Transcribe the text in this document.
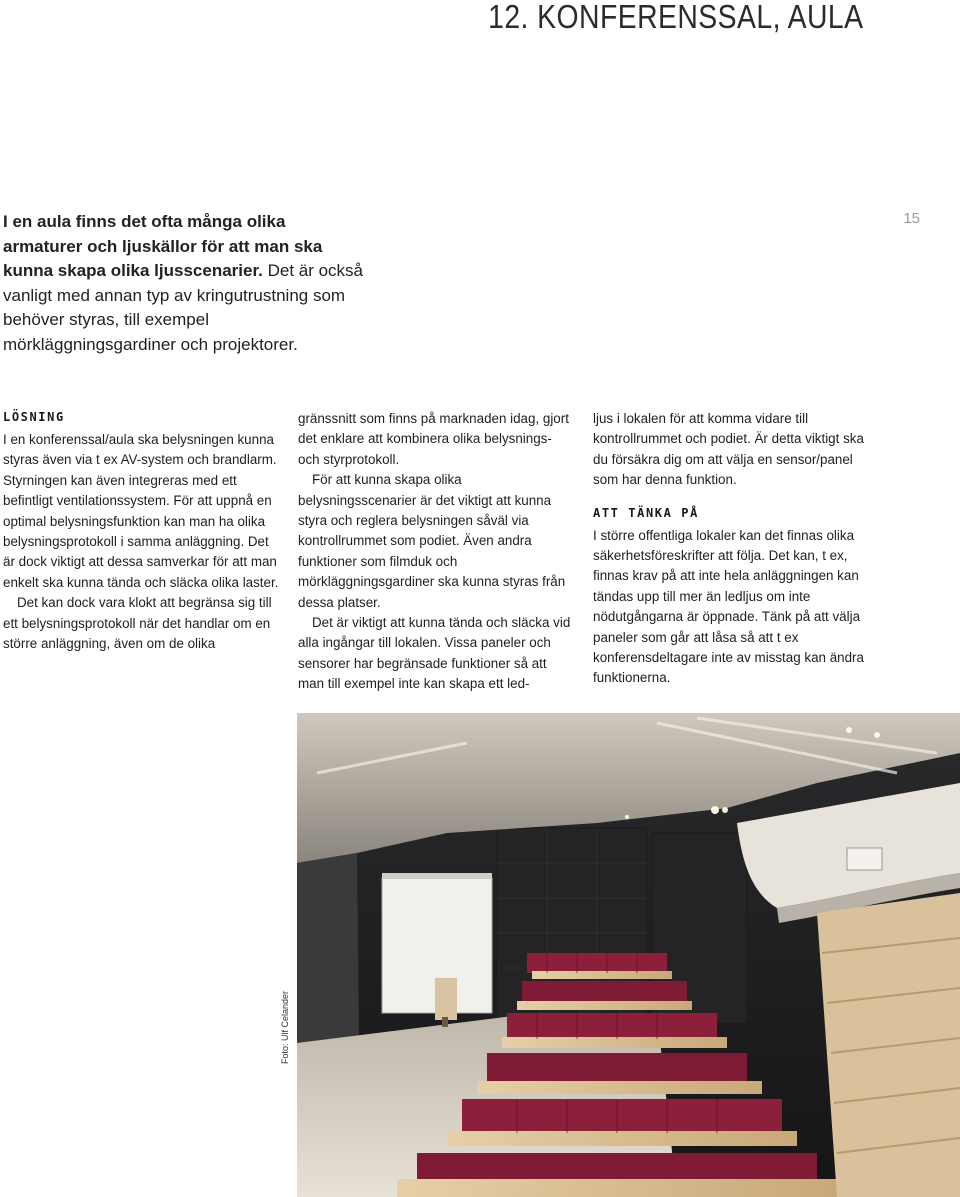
12. KONFERENSSAL, AULA
15
I en aula finns det ofta många olika armaturer och ljuskällor för att man ska kunna skapa olika ljusscenarier. Det är också vanligt med annan typ av kringutrustning som behöver styras, till exempel mörkläggningsgardiner och projektorer.
LÖSNING

I en konferenssal/aula ska belysningen kunna styras även via t ex AV-system och brandlarm. Styrningen kan även integreras med ett befintligt ventilationssystem. För att uppnå en optimal belysningsfunktion kan man ha olika belysningsprotokoll i samma anläggning. Det är dock viktigt att dessa samverkar för att man enkelt ska kunna tända och släcka olika laster.

Det kan dock vara klokt att begränsa sig till ett belysningsprotokoll när det handlar om en större anläggning, även om de olika

gränssnitt som finns på marknaden idag, gjort det enklare att kombinera olika belysnings- och styrprotokoll.

För att kunna skapa olika belysningsscenarier är det viktigt att kunna styra och reglera belysningen såväl via kontrollrummet som podiet. Även andra funktioner som filmduk och mörkläggningsgardiner ska kunna styras från dessa platser.

Det är viktigt att kunna tända och släcka vid alla ingångar till lokalen. Vissa paneler och sensorer har begränsade funktioner så att man till exempel inte kan skapa ett led-

ljus i lokalen för att komma vidare till kontrollrummet och podiet. Är detta viktigt ska du försäkra dig om att välja en sensor/panel som har denna funktion.

ATT TÄNKA PÅ

I större offentliga lokaler kan det finnas olika säkerhetsföreskrifter att följa. Det kan, t ex, finnas krav på att inte hela anläggningen kan tändas upp till mer än ledljus om inte nödutgångarna är öppnade. Tänk på att välja paneler som går att låsa så att t ex konferensdeltagare inte av misstag kan ändra funktionerna.

Foto: Ulf Celander
